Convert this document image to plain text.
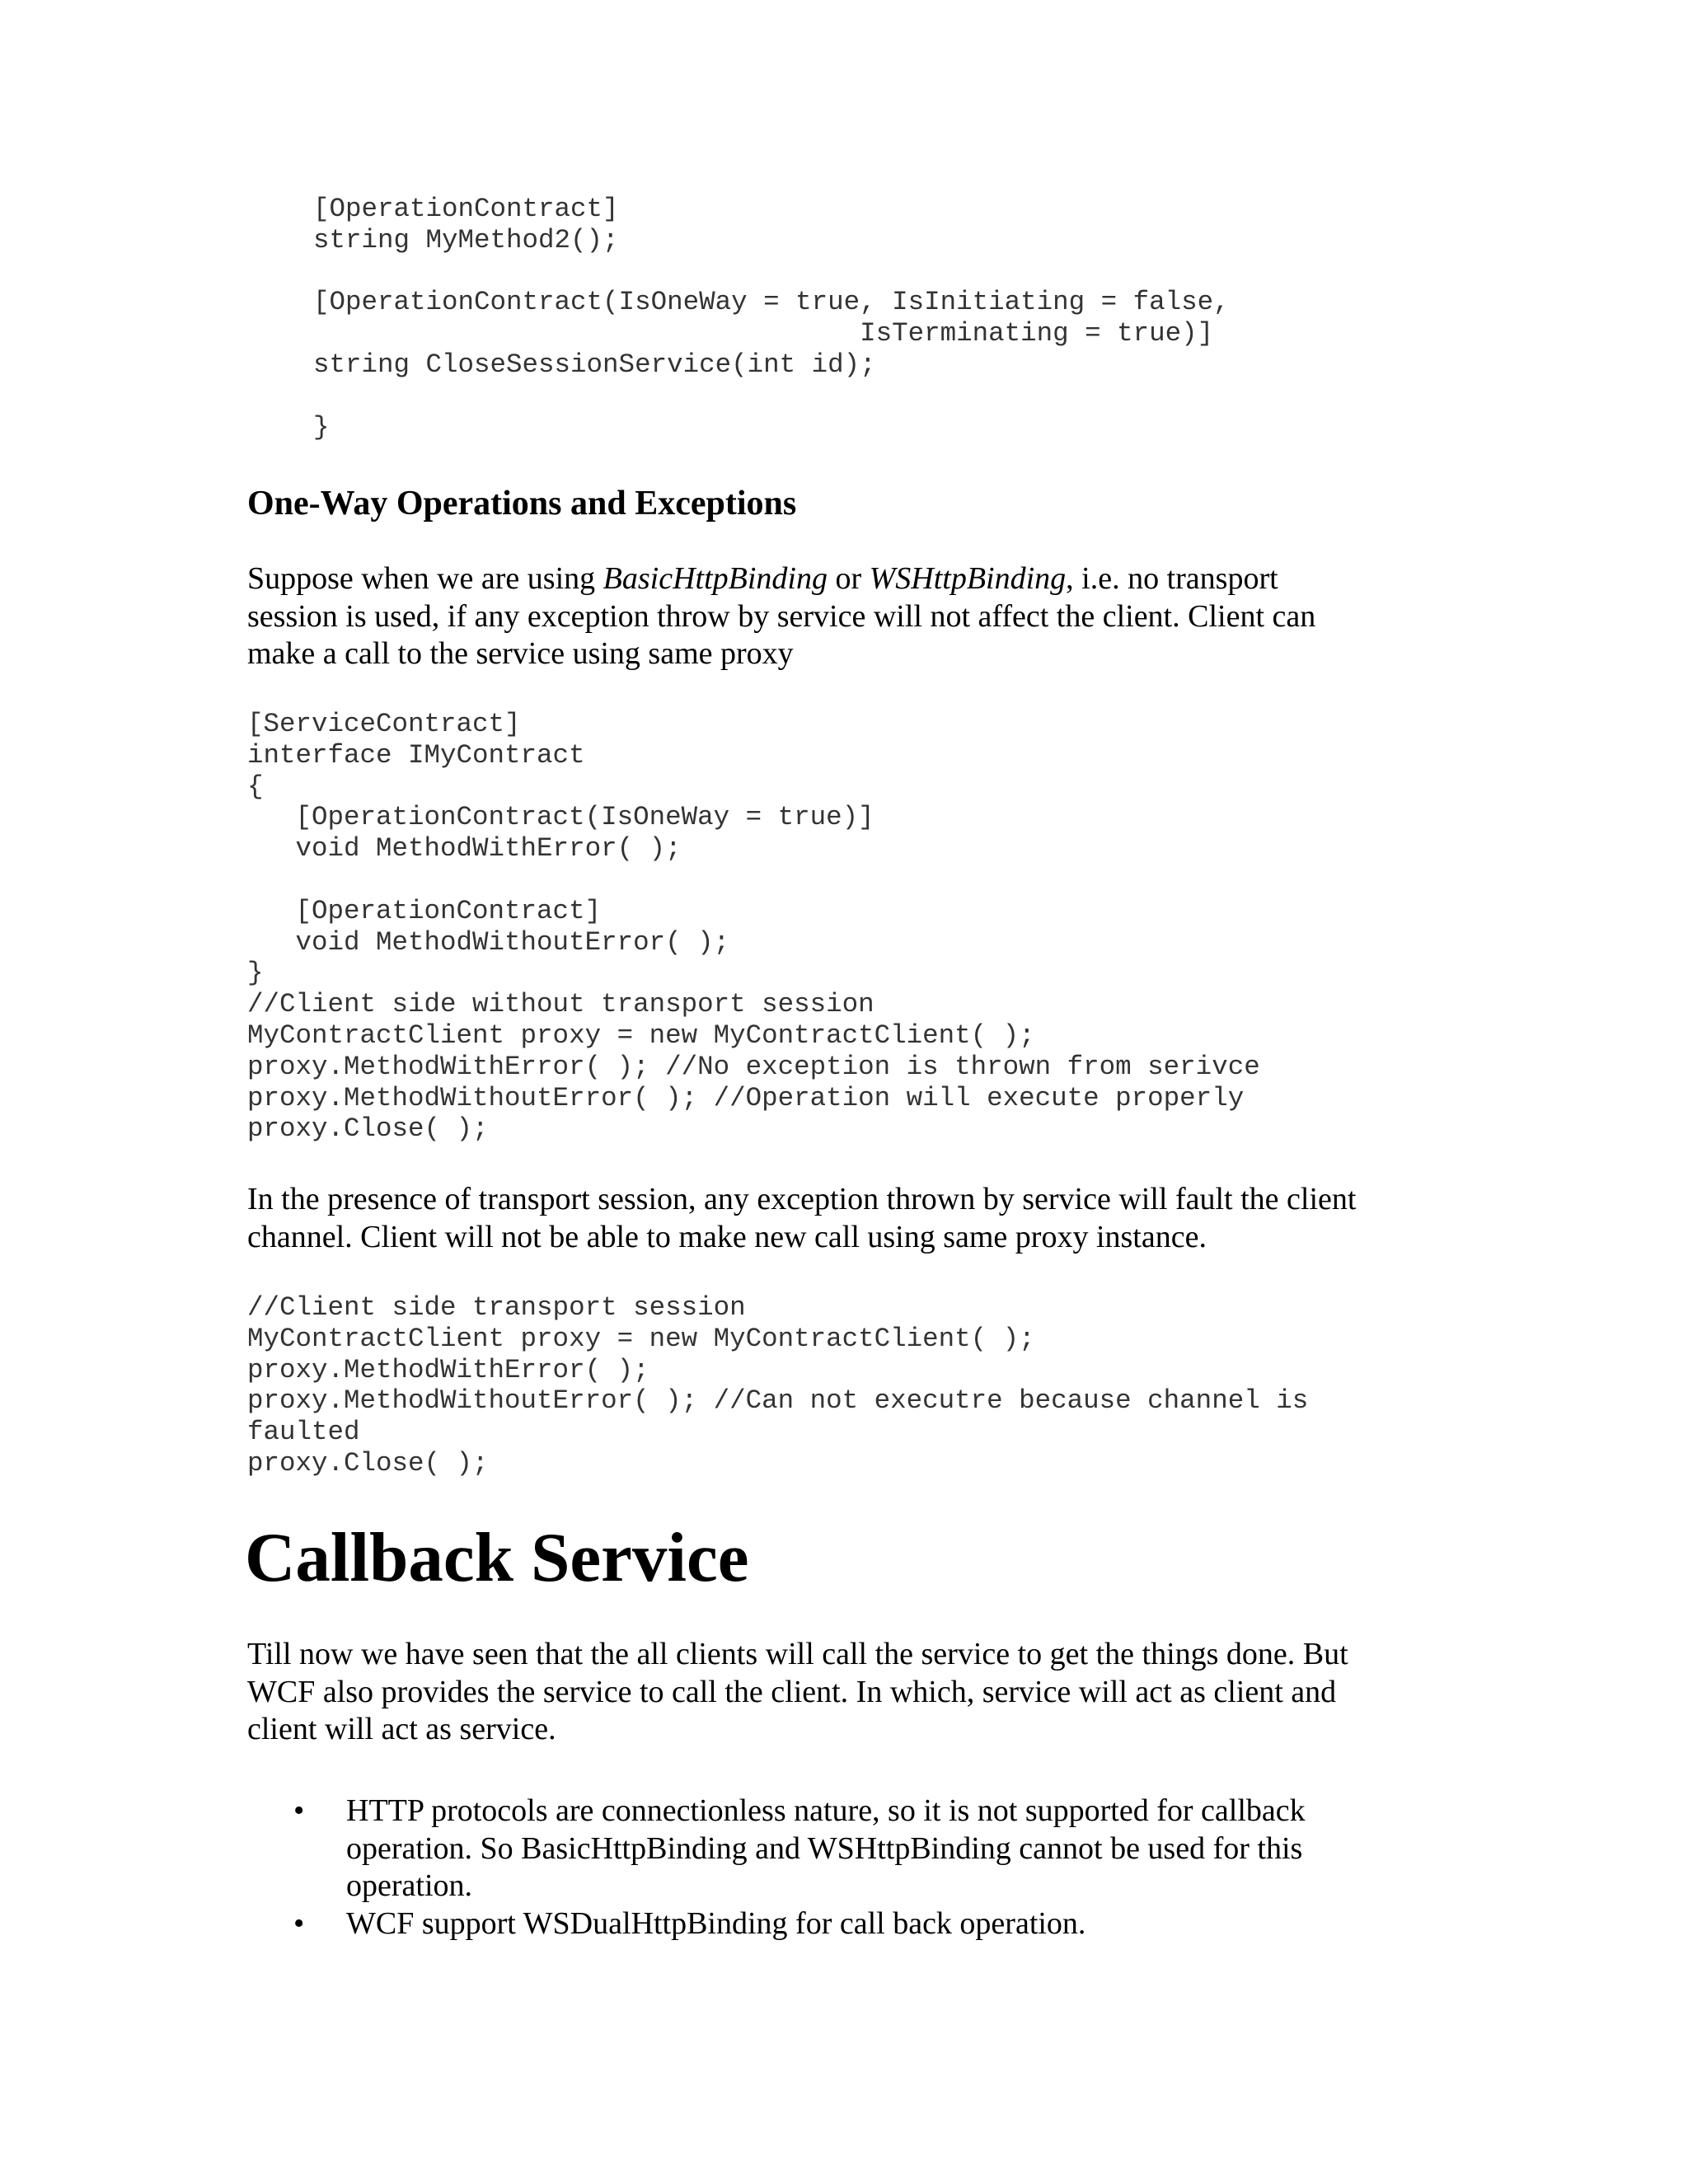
[OperationContract]
string MyMethod2();

[OperationContract(IsOneWay = true, IsInitiating = false,
IsTerminating = true)]
string CloseSessionService(int id);

}
One-Way Operations and Exceptions

Suppose when we are using BasicHttpBinding or WSHttpBinding, i.e. no transport
session is used, if any exception throw by service will not affect the client. Client can
make a call to the service using same proxy

[ServiceContract]
interface IMyContract
{
[OperationContract(IsOneWay = true)]
void MethodWithError( );

[OperationContract]
void MethodWithoutError( );
}
//Client side without transport session
MyContractClient proxy = new MyContractClient( );
proxy.MethodWithError( ); //No exception is thrown from serivce
proxy.MethodWithoutError( ); //Operation will execute properly
proxy.Close( );

In the presence of transport session, any exception thrown by service will fault the client
channel. Client will not be able to make new call using same proxy instance.

//Client side transport session
MyContractClient proxy = new MyContractClient( );
proxy.MethodWithError( );
proxy.MethodWithoutError( ); //Can not executre because channel is
faulted
proxy.Close( );
Callback Service

Till now we have seen that the all clients will call the service to get the things done. But
WCF also provides the service to call the client. In which, service will act as client and
client will act as service.

• HTTP protocols are connectionless nature, so it is not supported for callback
operation. So BasicHttpBinding and WSHttpBinding cannot be used for this
operation.
• WCF support WSDualHttpBinding for call back operation.
